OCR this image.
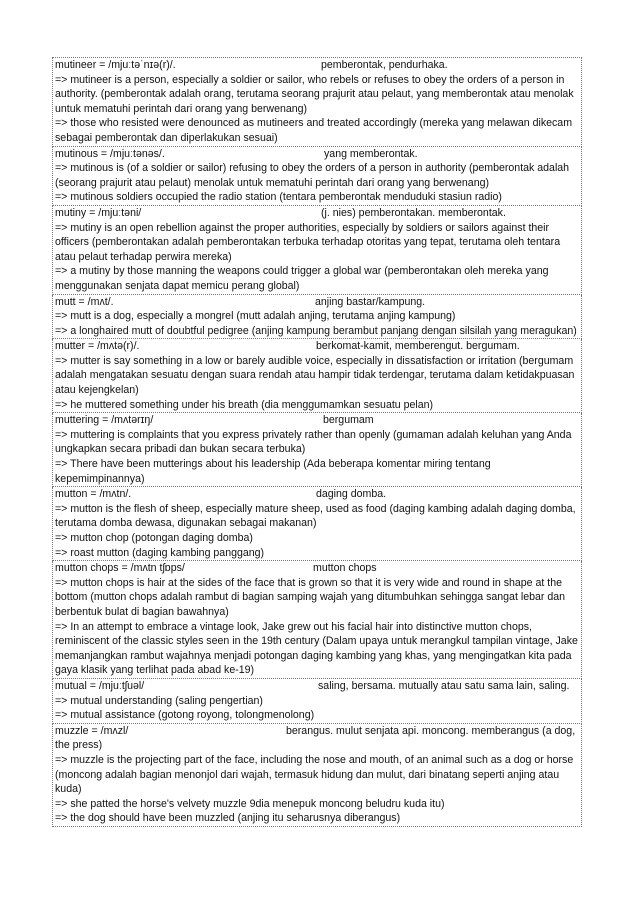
mutineer = /mjuːtəˈnɪə(r)/.	pemberontak, pendurhaka.
=> mutineer is a person, especially a soldier or sailor, who rebels or refuses to obey the orders of a person in authority. (pemberontak adalah orang, terutama seorang prajurit atau pelaut, yang memberontak atau menolak untuk mematuhi perintah dari orang yang berwenang)
=> those who resisted were denounced as mutineers and treated accordingly (mereka yang melawan dikecam sebagai pemberontak dan diperlakukan sesuai)
mutinous = /mjuːtənəs/.	yang memberontak.
=> mutinous is (of a soldier or sailor) refusing to obey the orders of a person in authority (pemberontak adalah (seorang prajurit atau pelaut) menolak untuk mematuhi perintah dari orang yang berwenang)
=> mutinous soldiers occupied the radio station (tentara pemberontak menduduki stasiun radio)
mutiny = /mjuːtəni/	(j. nies) pemberontakan. memberontak.
=> mutiny is an open rebellion against the proper authorities, especially by soldiers or sailors against their officers (pemberontakan adalah pemberontakan terbuka terhadap otoritas yang tepat, terutama oleh tentara atau pelaut terhadap perwira mereka)
=> a mutiny by those manning the weapons could trigger a global war (pemberontakan oleh mereka yang menggunakan senjata dapat memicu perang global)
mutt = /mʌt/.	anjing bastar/kampung.
=> mutt is a dog, especially a mongrel (mutt adalah anjing, terutama anjing kampung)
=> a longhaired mutt of doubtful pedigree (anjing kampung berambut panjang dengan silsilah yang meragukan)
mutter = /mʌtə(r)/.	berkomat-kamit, memberengut. bergumam.
=> mutter is say something in a low or barely audible voice, especially in dissatisfaction or irritation (bergumam adalah mengatakan sesuatu dengan suara rendah atau hampir tidak terdengar, terutama dalam ketidakpuasan atau kejengkelan)
=> he muttered something under his breath (dia menggumamkan sesuatu pelan)
muttering = /mʌtərɪŋ/	bergumam
=> muttering is complaints that you express privately rather than openly (gumaman adalah keluhan yang Anda ungkapkan secara pribadi dan bukan secara terbuka)
=> There have been mutterings about his leadership (Ada beberapa komentar miring tentang kepemimpinannya)
mutton = /mʌtn/.	daging domba.
=> mutton is the flesh of sheep, especially mature sheep, used as food (daging kambing adalah daging domba, terutama domba dewasa, digunakan sebagai makanan)
=> mutton chop (potongan daging domba)
=> roast mutton (daging kambing panggang)
mutton chops = /mʌtn tʃɒps/	mutton chops
=> mutton chops is hair at the sides of the face that is grown so that it is very wide and round in shape at the bottom (mutton chops adalah rambut di bagian samping wajah yang ditumbuhkan sehingga sangat lebar dan berbentuk bulat di bagian bawahnya)
=> In an attempt to embrace a vintage look, Jake grew out his facial hair into distinctive mutton chops, reminiscent of the classic styles seen in the 19th century (Dalam upaya untuk merangkul tampilan vintage, Jake memanjangkan rambut wajahnya menjadi potongan daging kambing yang khas, yang mengingatkan kita pada gaya klasik yang terlihat pada abad ke-19)
mutual = /mjuːtʃuəl/	saling, bersama. mutually atau satu sama lain, saling.
=> mutual understanding (saling pengertian)
=> mutual assistance (gotong royong, tolongmenolong)
muzzle = /mʌzl/	berangus. mulut senjata api. moncong. memberangus (a dog, the press)
=> muzzle is the projecting part of the face, including the nose and mouth, of an animal such as a dog or horse (moncong adalah bagian menonjol dari wajah, termasuk hidung dan mulut, dari binatang seperti anjing atau kuda)
=> she patted the horse's velvety muzzle 9dia menepuk moncong beludru kuda itu)
=> the dog should have been muzzled (anjing itu seharusnya diberangus)
